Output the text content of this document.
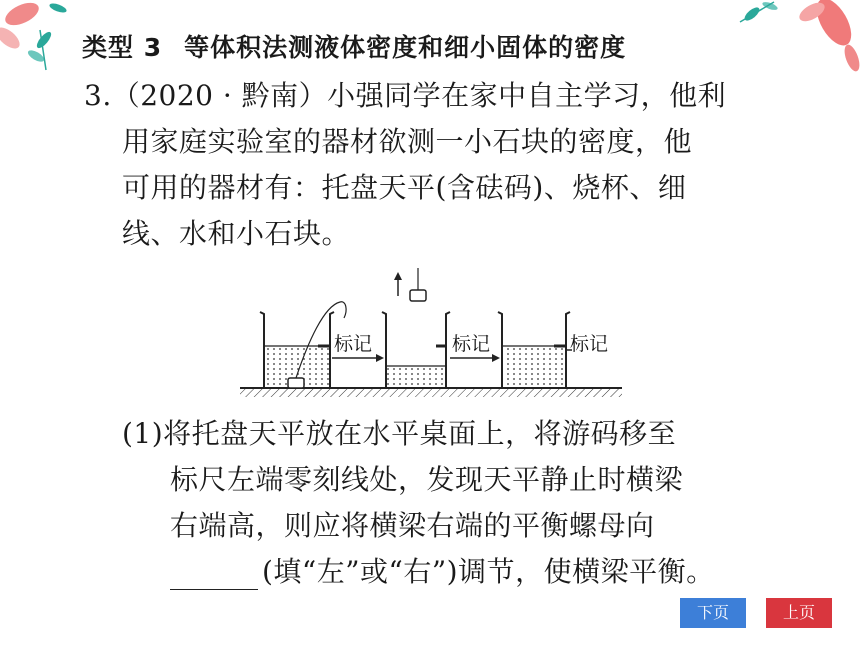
类型 3 等体积法测液体密度和细小固体的密度
3.（2020 · 黔南）小强同学在家中自主学习，他利
用家庭实验室的器材欲测一小石块的密度，他
可用的器材有：托盘天平(含砝码)、烧杯、细
线、水和小石块。
标记	标记	标记
(1)将托盘天平放在水平桌面上，将游码移至
标尺左端零刻线处，发现天平静止时横梁
右端高，则应将横梁右端的平衡螺母向
(填“左”或“右”)调节，使横梁平衡。
下页	上页
